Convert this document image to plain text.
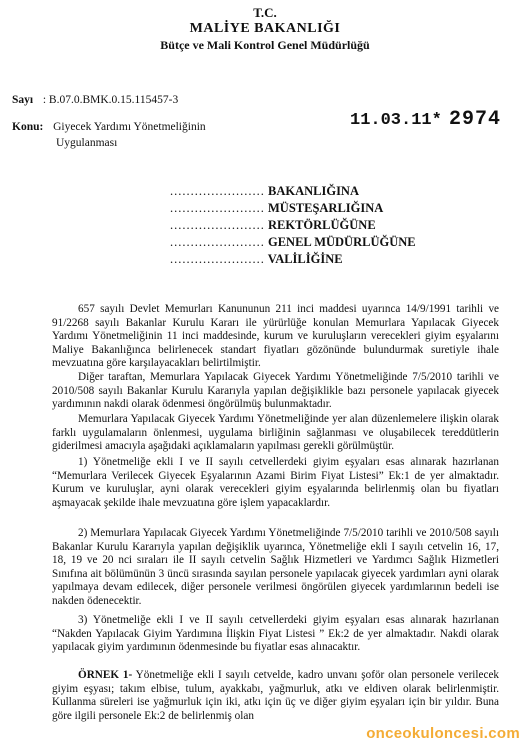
T.C.
MALİYE BAKANLIĞI
Bütçe ve Mali Kontrol Genel Müdürlüğü
Sayı : B.07.0.BMK.0.15.115457-3
11.03.11* 2974
Konu: Giyecek Yardımı Yönetmeliğinin
Uygulanması
....................... BAKANLIĞINA
....................... MÜSTEŞARLIĞINA
....................... REKTÖRLÜĞÜNE
....................... GENEL MÜDÜRLÜĞÜNE
....................... VALİLİĞİNE

657 sayılı Devlet Memurları Kanununun 211 inci maddesi uyarınca 14/9/1991 tarihli ve 91/2268 sayılı Bakanlar Kurulu Kararı ile yürürlüğe konulan Memurlara Yapılacak Giyecek Yardımı Yönetmeliğinin 11 inci maddesinde, kurum ve kuruluşların verecekleri giyim eşyalarını Maliye Bakanlığınca belirlenecek standart fiyatları gözönünde bulundurmak suretiyle ihale mevzuatına göre karşılayacakları belirtilmiştir.

Diğer taraftan, Memurlara Yapılacak Giyecek Yardımı Yönetmeliğinde 7/5/2010 tarihli ve 2010/508 sayılı Bakanlar Kurulu Kararıyla yapılan değişiklikle bazı personele yapılacak giyecek yardımının nakdi olarak ödenmesi öngörülmüş bulunmaktadır.

Memurlara Yapılacak Giyecek Yardımı Yönetmeliğinde yer alan düzenlemelere ilişkin olarak farklı uygulamaların önlenmesi, uygulama birliğinin sağlanması ve oluşabilecek tereddütlerin giderilmesi amacıyla aşağıdaki açıklamaların yapılması gerekli görülmüştür.

1) Yönetmeliğe ekli I ve II sayılı cetvellerdeki giyim eşyaları esas alınarak hazırlanan “Memurlara Verilecek Giyecek Eşyalarının Azami Birim Fiyat Listesi” Ek:1 de yer almaktadır. Kurum ve kuruluşlar, ayni olarak verecekleri giyim eşyalarında belirlenmiş olan bu fiyatları aşmayacak şekilde ihale mevzuatına göre işlem yapacaklardır.

2) Memurlara Yapılacak Giyecek Yardımı Yönetmeliğinde 7/5/2010 tarihli ve 2010/508 sayılı Bakanlar Kurulu Kararıyla yapılan değişiklik uyarınca, Yönetmeliğe ekli I sayılı cetvelin 16, 17, 18, 19 ve 20 nci sıraları ile II sayılı cetvelin Sağlık Hizmetleri ve Yardımcı Sağlık Hizmetleri Sınıfına ait bölümünün 3 üncü sırasında sayılan personele yapılacak giyecek yardımları ayni olarak yapılmaya devam edilecek, diğer personele verilmesi öngörülen giyecek yardımlarının bedeli ise nakden ödenecektir.

3) Yönetmeliğe ekli I ve II sayılı cetvellerdeki giyim eşyaları esas alınarak hazırlanan “Nakden Yapılacak Giyim Yardımına İlişkin Fiyat Listesi ” Ek:2 de yer almaktadır. Nakdi olarak yapılacak giyim yardımının ödenmesinde bu fiyatlar esas alınacaktır.

ÖRNEK 1- Yönetmeliğe ekli I sayılı cetvelde, kadro unvanı şoför olan personele verilecek giyim eşyası; takım elbise, tulum, ayakkabı, yağmurluk, atkı ve eldiven olarak belirlenmiştir. Kullanma süreleri ise yağmurluk için iki, atkı için üç ve diğer giyim eşyaları için bir yıldır. Buna göre ilgili personele Ek:2 de belirlenmiş olan

onceokuloncesi.com
